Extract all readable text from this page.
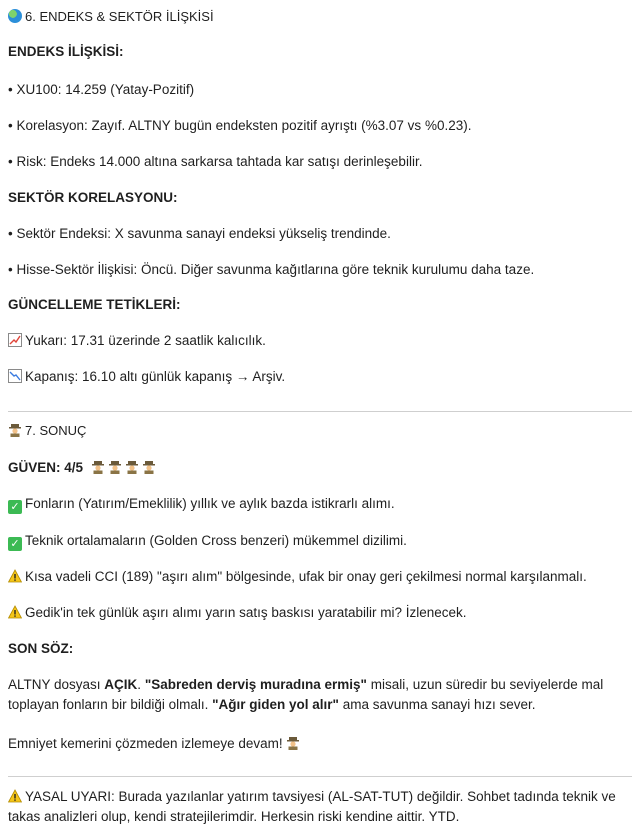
6. ENDEKS & SEKTÖR İLİŞKİSİ
ENDEKS İLİŞKİSİ:
• XU100: 14.259 (Yatay-Pozitif)
• Korelasyon: Zayıf. ALTNY bugün endeksten pozitif ayrıştı (%3.07 vs %0.23).
• Risk: Endeks 14.000 altına sarkarsa tahtada kar satışı derinleşebilir.
SEKTÖR KORELASYONU:
• Sektör Endeksi: X savunma sanayi endeksi yükseliş trendinde.
• Hisse-Sektör İlişkisi: Öncü. Diğer savunma kağıtlarına göre teknik kurulumu daha taze.
GÜNCELLEME TETİKLERİ:
Yukarı: 17.31 üzerinde 2 saatlik kalıcılık.
Kapanış: 16.10 altı günlük kapanış → Arşiv.
7. SONUÇ
GÜVEN: 4/5
✓ Fonların (Yatırım/Emeklilik) yıllık ve aylık bazda istikrarlı alımı.
✓ Teknik ortalamaların (Golden Cross benzeri) mükemmel dizilimi.
Kısa vadeli CCI (189) "aşırı alım" bölgesinde, ufak bir onay geri çekilmesi normal karşılanmalı.
Gedik'in tek günlük aşırı alımı yarın satış baskısı yaratabilir mi? İzlenecek.
SON SÖZ:
ALTNY dosyası AÇIK. "Sabreden derviş muradına ermiş" misali, uzun süredir bu seviyelerde mal toplayan fonların bir bildiği olmalı. "Ağır giden yol alır" ama savunma sanayi hızı sever.
Emniyet kemerini çözmeden izlemeye devam!
YASAL UYARI: Burada yazılanlar yatırım tavsiyesi (AL-SAT-TUT) değildir. Sohbet tadında teknik ve takas analizleri olup, kendi stratejilerimdir. Herkesin riski kendine aittir. YTD.
